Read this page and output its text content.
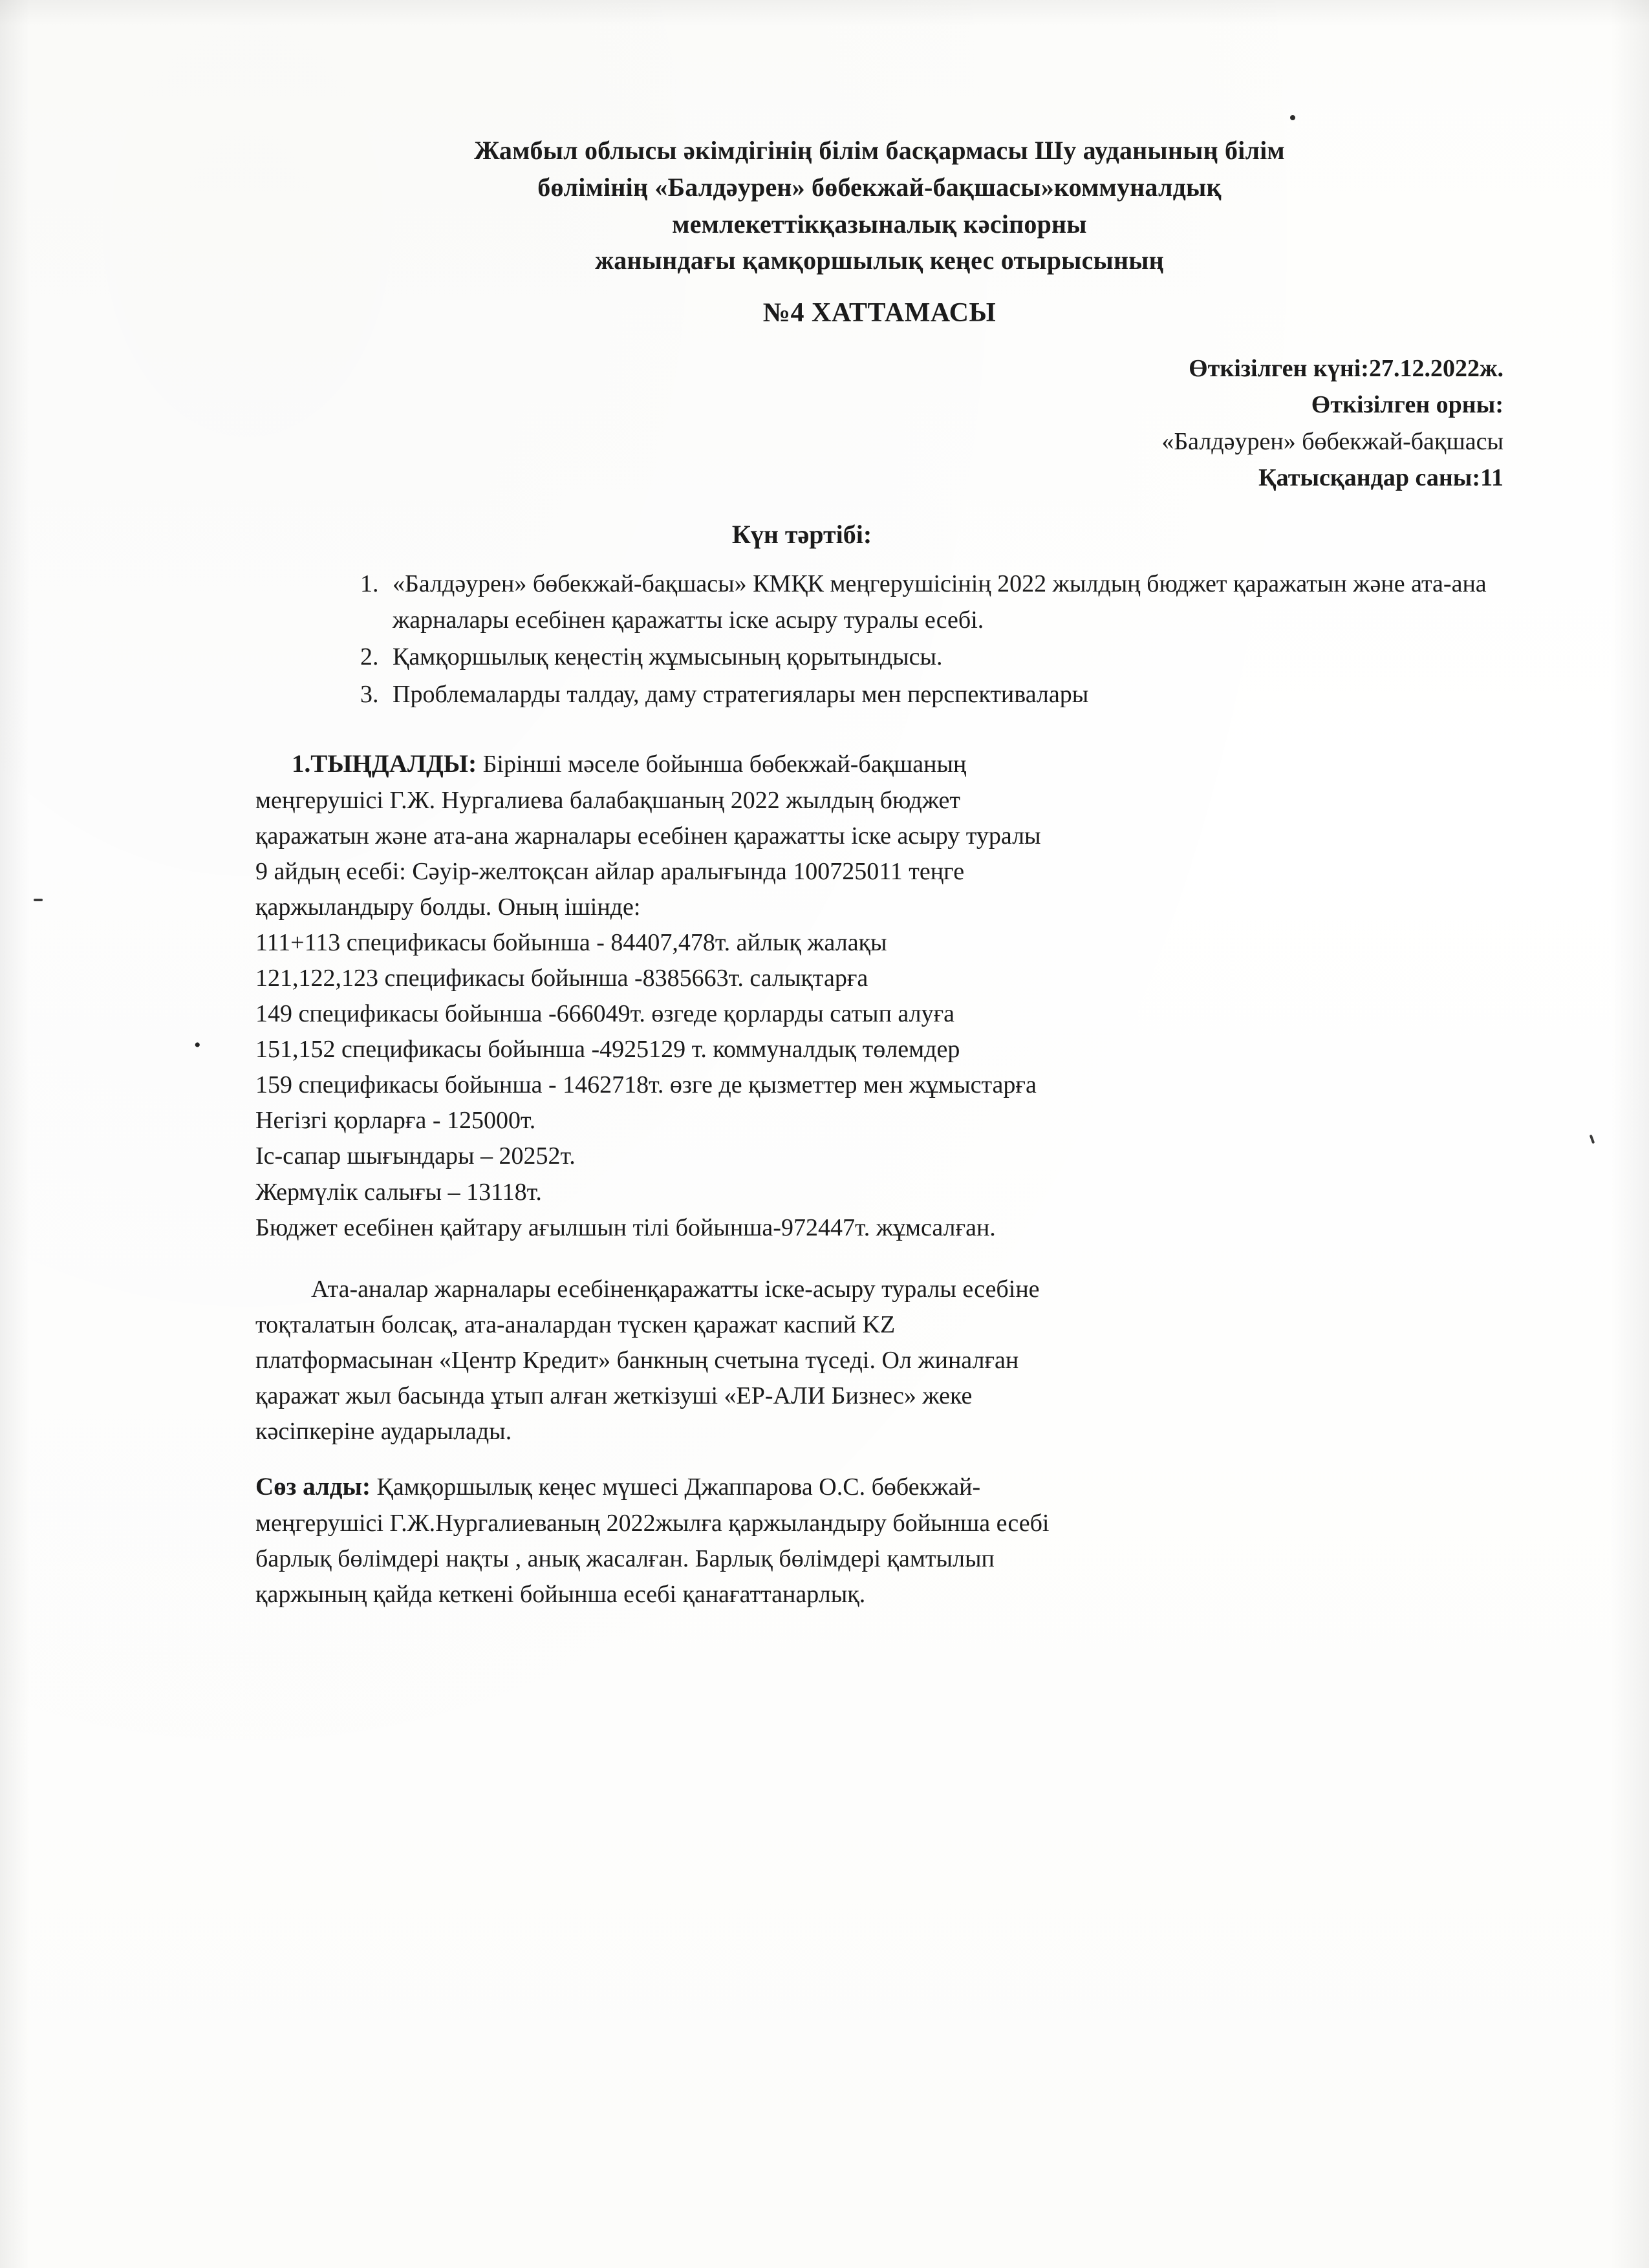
•
Жамбыл облысы әкімдігінің білім басқармасы Шу ауданының білім
бөлімінің «Балдәурен» бөбекжай-бақшасы»коммуналдық
мемлекеттікқазыналық кәсіпорны
жанындағы қамқоршылық кеңес отырысының
№4 ХАТТАМАСЫ
Өткізілген күні:27.12.2022ж.
Өткізілген орны:
«Балдәурен» бөбекжай-бақшасы
Қатысқандар саны:11
Күн тәртібі:
1. «Балдәурен» бөбекжай-бақшасы» КМҚК меңгерушісінің 2022 жылдың бюджет қаражатын және ата-ана жарналары есебінен қаражатты іске асыру туралы есебі.
2. Қамқоршылық кеңестің жұмысының қорытындысы.
3. Проблемаларды талдау, даму стратегиялары мен перспективалары
1.ТЫҢДАЛДЫ: Бірінші мәселе бойынша бөбекжай-бақшаның
меңгерушісі Г.Ж. Нургалиева балабақшаның 2022 жылдың бюджет
қаражатын және ата-ана жарналары есебінен қаражатты іске асыру туралы
9 айдың есебі: Сәуір-желтоқсан айлар аралығында 100725011 теңге
қаржыландыру болды. Оның ішінде:
111+113 спецификасы бойынша - 84407,478т. айлық жалақы
121,122,123 спецификасы бойынша -8385663т. салықтарға
149 спецификасы бойынша -666049т. өзгеде қорларды сатып алуға
151,152 спецификасы бойынша -4925129 т. коммуналдық төлемдер
159 спецификасы бойынша - 1462718т. өзге де қызметтер мен жұмыстарға
Негізгі қорларға - 125000т.
Іс-сапар шығындары – 20252т.
Жермүлік салығы – 13118т.
Бюджет есебінен қайтару ағылшын тілі бойынша-972447т. жұмсалған.
Ата-аналар жарналары есебіненқаражатты іске-асыру туралы есебіне
тоқталатын болсақ, ата-аналардан түскен қаражат каспий KZ
платформасынан «Центр Кредит» банкның счетына түседі. Ол жиналған
қаражат жыл басында ұтып алған жеткізуші «ЕР-АЛИ Бизнес» жеке
кәсіпкеріне аударылады.
Сөз алды: Қамқоршылық кеңес мүшесі Джаппарова О.С. бөбекжай-
меңгерушісі Г.Ж.Нургалиеваның 2022жылға қаржыландыру бойынша есебі
барлық бөлімдері нақты , анық жасалған. Барлық бөлімдері қамтылып
қаржының қайда кеткені бойынша есебі қанағаттанарлық.
